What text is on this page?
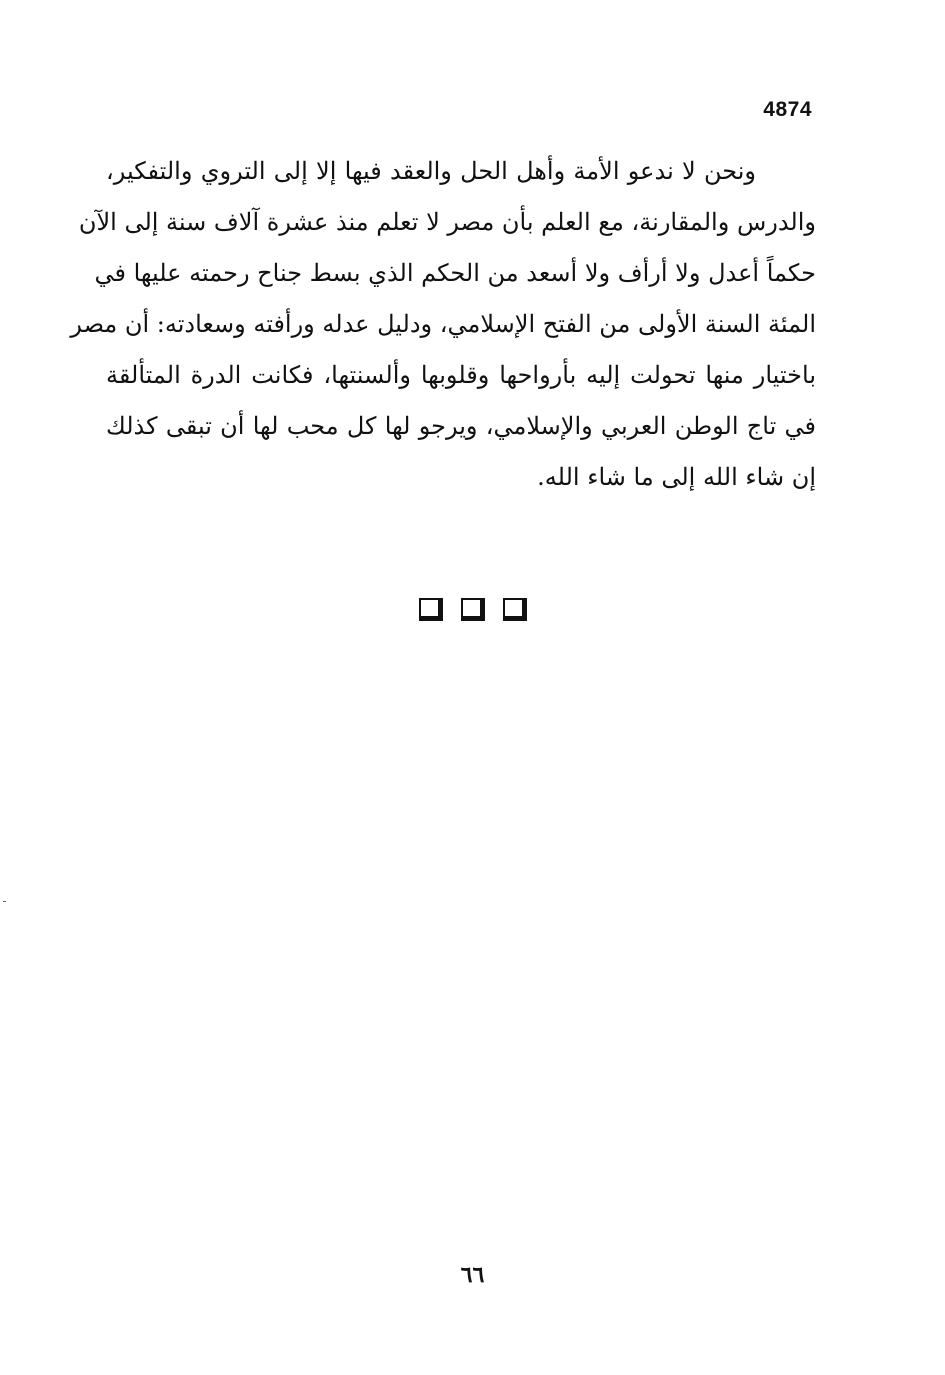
4874
ونحن لا ندعو الأمة وأهل الحل والعقد فيها إلا إلى التروي والتفكير،
والدرس والمقارنة، مع العلم بأن مصر لا تعلم منذ عشرة آلاف سنة إلى الآن
حكماً أعدل ولا أرأف ولا أسعد من الحكم الذي بسط جناح رحمته عليها في
المئة السنة الأولى من الفتح الإسلامي، ودليل عدله ورأفته وسعادته: أن مصر
باختيار منها تحولت إليه بأرواحها وقلوبها وألسنتها، فكانت الدرة المتألقة
في تاج الوطن العربي والإسلامي، ويرجو لها كل محب لها أن تبقى كذلك
إن شاء الله إلى ما شاء الله.
٦٦
